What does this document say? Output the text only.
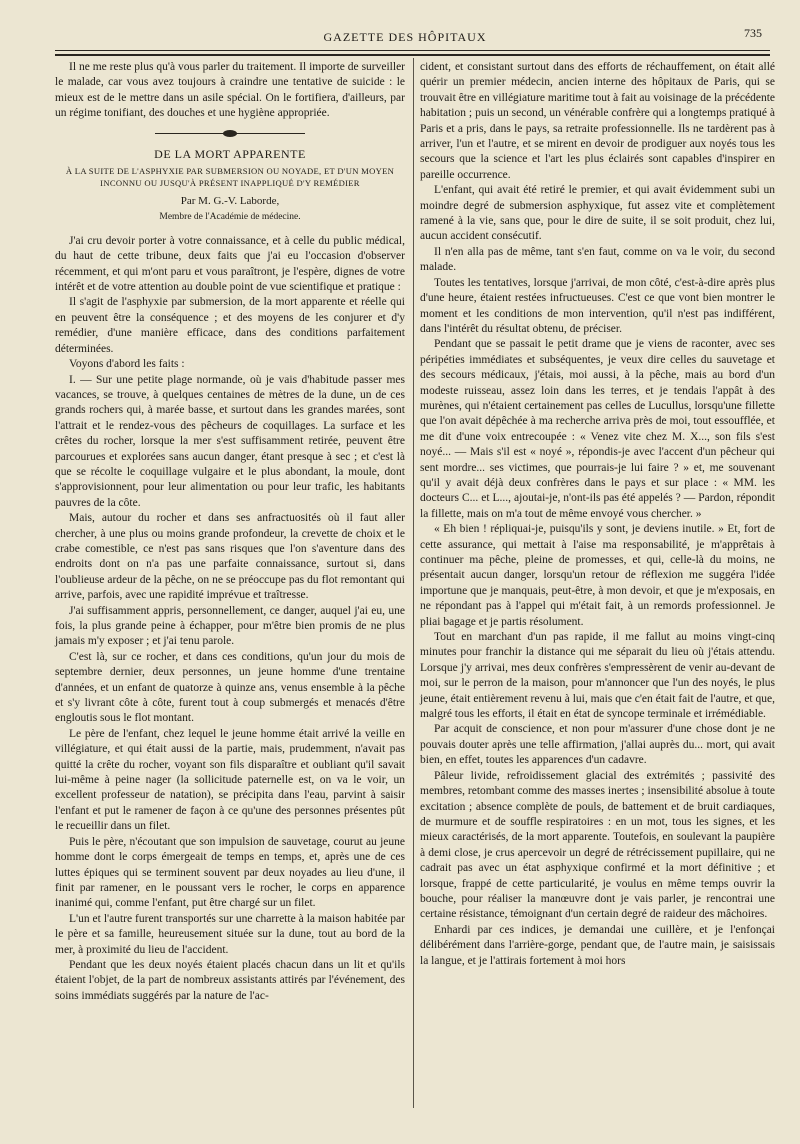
GAZETTE DES HÔPITAUX	735

Il ne me reste plus qu'à vous parler du traitement. Il importe de surveiller le malade, car vous avez toujours à craindre une tentative de suicide : le mieux est de le mettre dans un asile spécial. On le fortifiera, d'ailleurs, par un régime tonifiant, des douches et une hygiène appropriée.

DE LA MORT APPARENTE
À LA SUITE DE L'ASPHYXIE PAR SUBMERSION OU NOYADE, ET D'UN MOYEN INCONNU OU JUSQU'À PRÉSENT INAPPLIQUÉ D'Y REMÉDIER
Par M. G.-V. Laborde,
Membre de l'Académie de médecine.

J'ai cru devoir porter à votre connaissance, et à celle du public médical, du haut de cette tribune, deux faits que j'ai eu l'occasion d'observer récemment, et qui m'ont paru et vous paraîtront, je l'espère, dignes de votre intérêt et de votre attention au double point de vue scientifique et pratique :

Il s'agit de l'asphyxie par submersion, de la mort apparente et réelle qui en peuvent être la conséquence ; et des moyens de les conjurer et d'y remédier, d'une manière efficace, dans des conditions parfaitement déterminées.

Voyons d'abord les faits :

I. — Sur une petite plage normande, où je vais d'habitude passer mes vacances, se trouve, à quelques centaines de mètres de la dune, un de ces grands rochers qui, à marée basse, et surtout dans les grandes marées, sont l'attrait et le rendez-vous des pêcheurs de coquillages. La surface et les crêtes du rocher, lorsque la mer s'est suffisamment retirée, peuvent être parcourues et explorées sans aucun danger, étant presque à sec ; et c'est là que se récolte le coquillage vulgaire et le plus abondant, la moule, dont s'approvisionnent, pour leur alimentation ou pour leur trafic, les habitants pauvres de la côte.

Mais, autour du rocher et dans ses anfractuosités où il faut aller chercher, à une plus ou moins grande profondeur, la crevette de choix et le crabe comestible, ce n'est pas sans risques que l'on s'aventure dans des endroits dont on n'a pas une parfaite connaissance, surtout si, dans l'oublieuse ardeur de la pêche, on ne se préoccupe pas du flot remontant qui arrive, parfois, avec une rapidité imprévue et traîtresse.

J'ai suffisamment appris, personnellement, ce danger, auquel j'ai eu, une fois, la plus grande peine à échapper, pour m'être bien promis de ne plus jamais m'y exposer ; et j'ai tenu parole.

C'est là, sur ce rocher, et dans ces conditions, qu'un jour du mois de septembre dernier, deux personnes, un jeune homme d'une trentaine d'années, et un enfant de quatorze à quinze ans, venus ensemble à la pêche et s'y livrant côte à côte, furent tout à coup submergés et menacés d'être engloutis sous le flot montant.

Le père de l'enfant, chez lequel le jeune homme était arrivé la veille en villégiature, et qui était aussi de la partie, mais, prudemment, n'avait pas quitté la crête du rocher, voyant son fils disparaître et oubliant qu'il savait lui-même à peine nager (la sollicitude paternelle est, on va le voir, un excellent professeur de natation), se précipita dans l'eau, parvint à saisir l'enfant et put le ramener de façon à ce qu'une des personnes présentes pût le recueillir dans un filet.

Puis le père, n'écoutant que son impulsion de sauvetage, courut au jeune homme dont le corps émergeait de temps en temps, et, après une de ces luttes épiques qui se terminent souvent par deux noyades au lieu d'une, il finit par ramener, en le poussant vers le rocher, le corps en apparence inanimé qui, comme l'enfant, put être chargé sur un filet.

L'un et l'autre furent transportés sur une charrette à la maison habitée par le père et sa famille, heureusement située sur la dune, tout au bord de la mer, à proximité du lieu de l'accident.

Pendant que les deux noyés étaient placés chacun dans un lit et qu'ils étaient l'objet, de la part de nombreux assistants attirés par l'événement, des soins immédiats suggérés par la nature de l'ac-

cident, et consistant surtout dans des efforts de réchauffement, on était allé quérir un premier médecin, ancien interne des hôpitaux de Paris, qui se trouvait être en villégiature maritime tout à fait au voisinage de la précédente habitation ; puis un second, un vénérable confrère qui a longtemps pratiqué à Paris et a pris, dans le pays, sa retraite professionnelle. Ils ne tardèrent pas à arriver, l'un et l'autre, et se mirent en devoir de prodiguer aux noyés tous les secours que la science et l'art les plus éclairés sont capables d'inspirer en pareille occurrence.

L'enfant, qui avait été retiré le premier, et qui avait évidemment subi un moindre degré de submersion asphyxique, fut assez vite et complètement ramené à la vie, sans que, pour le dire de suite, il se soit produit, chez lui, aucun accident consécutif.

Il n'en alla pas de même, tant s'en faut, comme on va le voir, du second malade.

Toutes les tentatives, lorsque j'arrivai, de mon côté, c'est-à-dire après plus d'une heure, étaient restées infructueuses. C'est ce que vont bien montrer le moment et les conditions de mon intervention, qu'il n'est pas indifférent, dans l'intérêt du résultat obtenu, de préciser.

Pendant que se passait le petit drame que je viens de raconter, avec ses péripéties immédiates et subséquentes, je veux dire celles du sauvetage et des secours médicaux, j'étais, moi aussi, à la pêche, mais au bord d'un modeste ruisseau, assez loin dans les terres, et je tendais l'appât à des murènes, qui n'étaient certainement pas celles de Lucullus, lorsqu'une fillette que l'on avait dépêchée à ma recherche arriva près de moi, tout essoufflée, et me dit d'une voix entrecoupée : « Venez vite chez M. X..., son fils s'est noyé... — Mais s'il est « noyé », répondis-je avec l'accent d'un pêcheur qui sent mordre... ses victimes, que pourrais-je lui faire ? » et, me souvenant qu'il y avait déjà deux confrères dans le pays et sur place : « MM. les docteurs C... et L..., ajoutai-je, n'ont-ils pas été appelés ? — Pardon, répondit la fillette, mais on m'a tout de même envoyé vous chercher. »

« Eh bien ! répliquai-je, puisqu'ils y sont, je deviens inutile. » Et, fort de cette assurance, qui mettait à l'aise ma responsabilité, je m'apprêtais à continuer ma pêche, pleine de promesses, et qui, celle-là du moins, ne présentait aucun danger, lorsqu'un retour de réflexion me suggéra l'idée importune que je manquais, peut-être, à mon devoir, et que je m'exposais, en ne répondant pas à l'appel qui m'était fait, à un remords professionnel. Je pliai bagage et je partis résolument.

Tout en marchant d'un pas rapide, il me fallut au moins vingt-cinq minutes pour franchir la distance qui me séparait du lieu où j'étais attendu. Lorsque j'y arrivai, mes deux confrères s'empressèrent de venir au-devant de moi, sur le perron de la maison, pour m'annoncer que l'un des noyés, le plus jeune, était entièrement revenu à lui, mais que c'en était fait de l'autre, et que, malgré tous les efforts, il était en état de syncope terminale et irrémédiable.

Par acquit de conscience, et non pour m'assurer d'une chose dont je ne pouvais douter après une telle affirmation, j'allai auprès du... mort, qui avait bien, en effet, toutes les apparences d'un cadavre.

Pâleur livide, refroidissement glacial des extrémités ; passivité des membres, retombant comme des masses inertes ; insensibilité absolue à toute excitation ; absence complète de pouls, de battement et de bruit cardiaques, de murmure et de souffle respiratoires : en un mot, tous les signes, et les mieux caractérisés, de la mort apparente. Toutefois, en soulevant la paupière à demi close, je crus apercevoir un degré de rétrécissement pupillaire, qui ne cadrait pas avec un état asphyxique confirmé et la mort définitive ; et lorsque, frappé de cette particularité, je voulus en même temps ouvrir la bouche, pour réaliser la manœuvre dont je vais parler, je rencontrai une certaine résistance, témoignant d'un certain degré de raideur des mâchoires.

Enhardi par ces indices, je demandai une cuillère, et je l'enfonçai délibérément dans l'arrière-gorge, pendant que, de l'autre main, je saisissais la langue, et je l'attirais fortement à moi hors
